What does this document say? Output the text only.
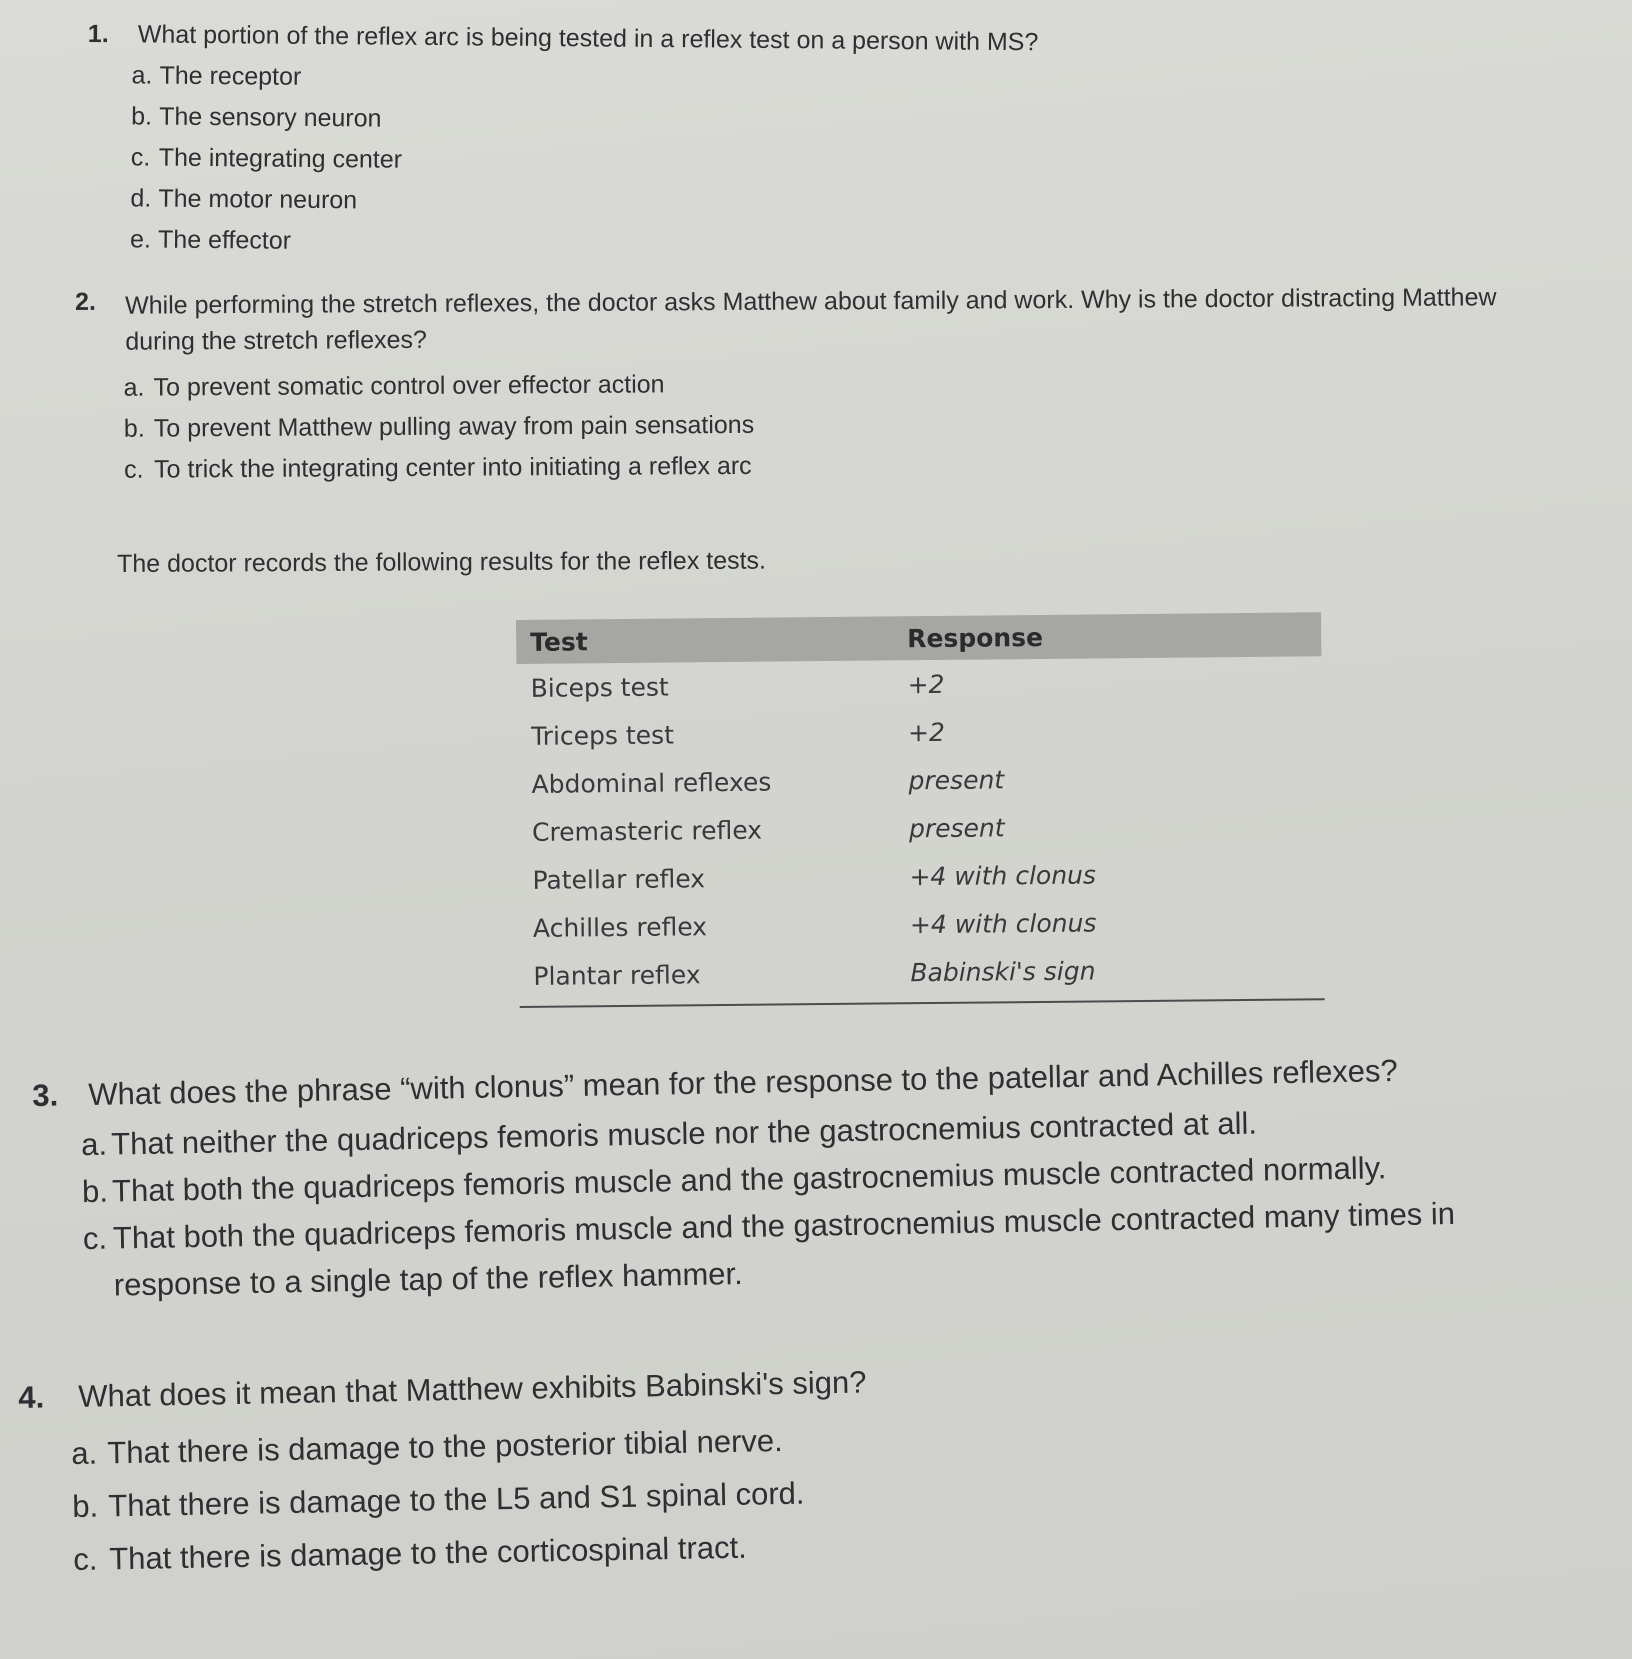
1.	What portion of the reflex arc is being tested in a reflex test on a person with MS?
a. The receptor
b. The sensory neuron
c. The integrating center
d. The motor neuron
e. The effector
2.	While performing the stretch reflexes, the doctor asks Matthew about family and work. Why is the doctor distracting Matthew during the stretch reflexes?
a. To prevent somatic control over effector action
b. To prevent Matthew pulling away from pain sensations
c. To trick the integrating center into initiating a reflex arc
The doctor records the following results for the reflex tests.
Test	Response
Biceps test	+2
Triceps test	+2
Abdominal reflexes	present
Cremasteric reflex	present
Patellar reflex	+4 with clonus
Achilles reflex	+4 with clonus
Plantar reflex	Babinski's sign
3. What does the phrase “with clonus” mean for the response to the patellar and Achilles reflexes?
a. That neither the quadriceps femoris muscle nor the gastrocnemius contracted at all.
b. That both the quadriceps femoris muscle and the gastrocnemius muscle contracted normally.
c. That both the quadriceps femoris muscle and the gastrocnemius muscle contracted many times in response to a single tap of the reflex hammer.
4.	What does it mean that Matthew exhibits Babinski's sign?
a. That there is damage to the posterior tibial nerve.
b. That there is damage to the L5 and S1 spinal cord.
c. That there is damage to the corticospinal tract.
